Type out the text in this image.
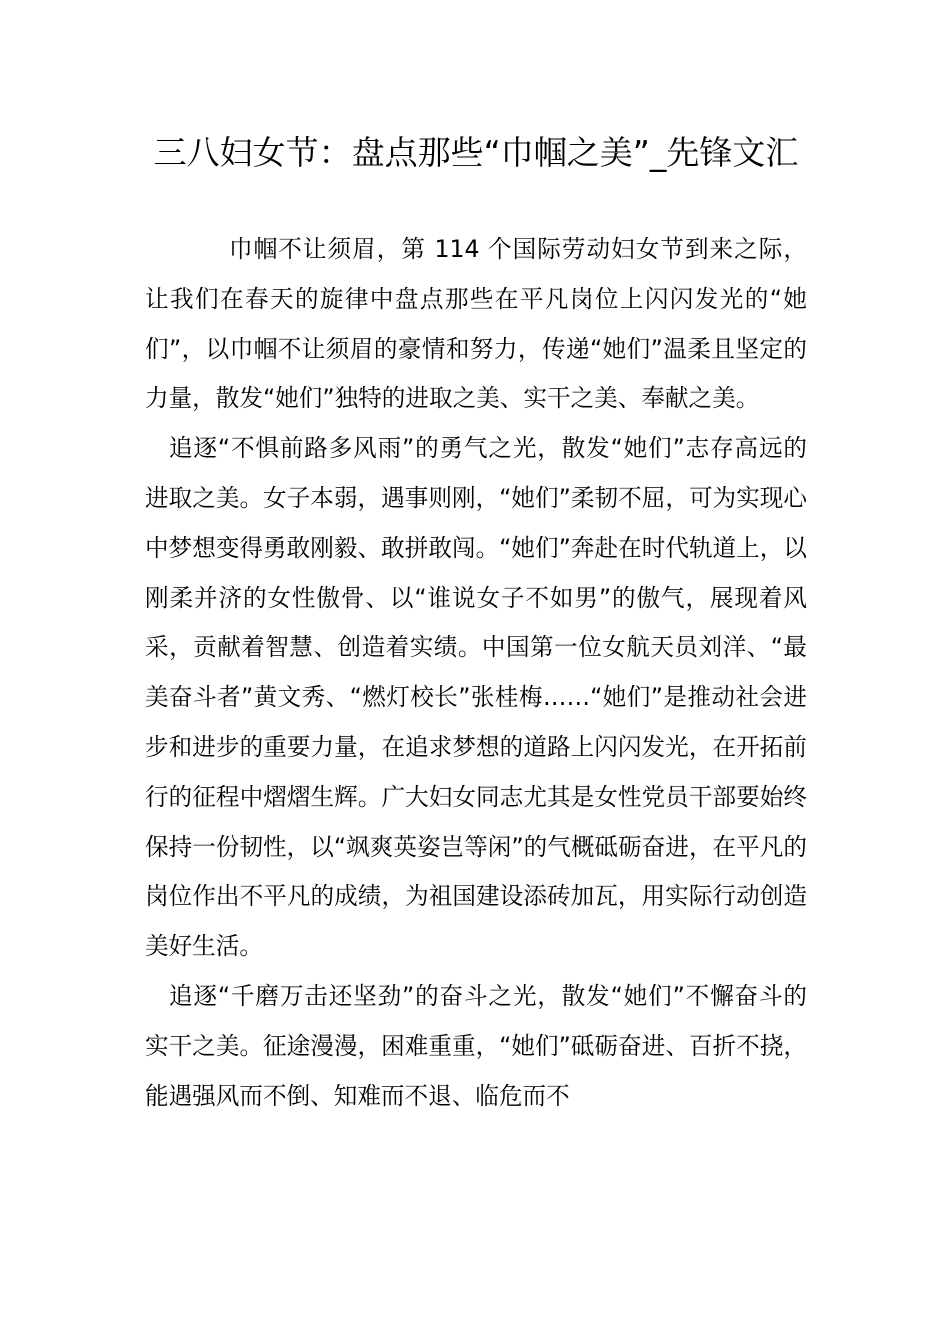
三八妇女节：盘点那些“巾帼之美”_先锋文汇

巾帼不让须眉，第 114 个国际劳动妇女节到来之际，让我们在春天的旋律中盘点那些在平凡岗位上闪闪发光的“她们”，以巾帼不让须眉的豪情和努力，传递“她们”温柔且坚定的力量，散发“她们”独特的进取之美、实干之美、奉献之美。

追逐“不惧前路多风雨”的勇气之光，散发“她们”志存高远的进取之美。女子本弱，遇事则刚，“她们”柔韧不屈，可为实现心中梦想变得勇敢刚毅、敢拼敢闯。“她们”奔赴在时代轨道上，以刚柔并济的女性傲骨、以“谁说女子不如男”的傲气，展现着风采，贡献着智慧、创造着实绩。中国第一位女航天员刘洋、“最美奋斗者”黄文秀、“燃灯校长”张桂梅……“她们”是推动社会进步和进步的重要力量，在追求梦想的道路上闪闪发光，在开拓前行的征程中熠熠生辉。广大妇女同志尤其是女性党员干部要始终保持一份韧性，以“飒爽英姿岂等闲”的气概砥砺奋进，在平凡的岗位作出不平凡的成绩，为祖国建设添砖加瓦，用实际行动创造美好生活。

追逐“千磨万击还坚劲”的奋斗之光，散发“她们”不懈奋斗的实干之美。征途漫漫，困难重重，“她们”砥砺奋进、百折不挠，能遇强风而不倒、知难而不退、临危而不
